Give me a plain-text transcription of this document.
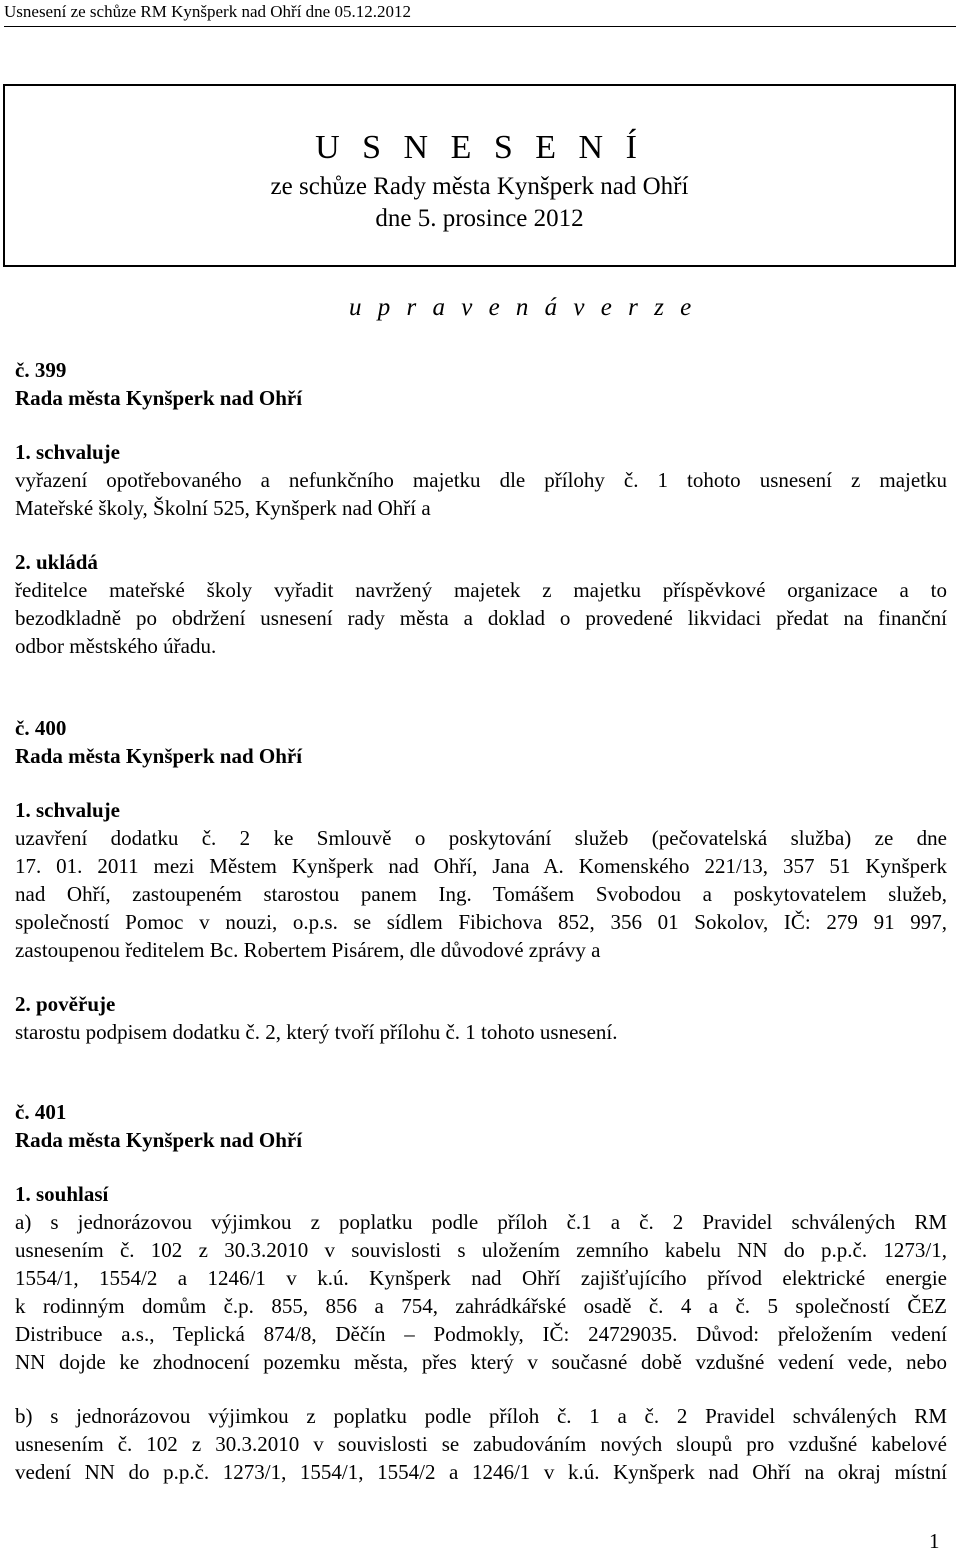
Usnesení ze schůze RM Kynšperk nad Ohří dne 05.12.2012
U S N E S E N Í
ze schůze Rady města Kynšperk nad Ohří
dne 5. prosince 2012
u p r a v e n á v e r z e
č. 399
Rada města Kynšperk nad Ohří
1. schvaluje
vyřazení opotřebovaného a nefunkčního majetku dle přílohy č. 1 tohoto usnesení z majetku
Mateřské školy, Školní 525, Kynšperk nad Ohří a
2. ukládá
ředitelce mateřské školy vyřadit navržený majetek z majetku příspěvkové organizace a to
bezodkladně po obdržení usnesení rady města a doklad o provedené likvidaci předat na finanční
odbor městského úřadu.
č. 400
Rada města Kynšperk nad Ohří
1. schvaluje
uzavření dodatku č. 2 ke Smlouvě o poskytování služeb (pečovatelská služba) ze dne
17. 01. 2011 mezi Městem Kynšperk nad Ohří, Jana A. Komenského 221/13, 357 51 Kynšperk
nad Ohří, zastoupeném starostou panem Ing. Tomášem Svobodou a poskytovatelem služeb,
společností Pomoc v nouzi, o.p.s. se sídlem Fibichova 852, 356 01 Sokolov, IČ: 279 91 997,
zastoupenou ředitelem Bc. Robertem Pisárem, dle důvodové zprávy a
2. pověřuje
starostu podpisem dodatku č. 2, který tvoří přílohu č. 1 tohoto usnesení.
č. 401
Rada města Kynšperk nad Ohří
1. souhlasí
a) s jednorázovou výjimkou z poplatku podle příloh č.1 a č. 2 Pravidel schválených RM
usnesením č. 102 z 30.3.2010 v souvislosti s uložením zemního kabelu NN do p.p.č. 1273/1,
1554/1, 1554/2 a 1246/1 v k.ú. Kynšperk nad Ohří zajišťujícího přívod elektrické energie
k rodinným domům č.p. 855, 856 a 754, zahrádkářské osadě č. 4 a č. 5 společností ČEZ
Distribuce a.s., Teplická 874/8, Děčín – Podmokly, IČ: 24729035. Důvod: přeložením vedení
NN dojde ke zhodnocení pozemku města, přes který v současné době vzdušné vedení vede, nebo
b) s jednorázovou výjimkou z poplatku podle příloh č. 1 a č. 2 Pravidel schválených RM
usnesením č. 102 z 30.3.2010 v souvislosti se zabudováním nových sloupů pro vzdušné kabelové
vedení NN do p.p.č. 1273/1, 1554/1, 1554/2 a 1246/1 v k.ú. Kynšperk nad Ohří na okraj místní
1
